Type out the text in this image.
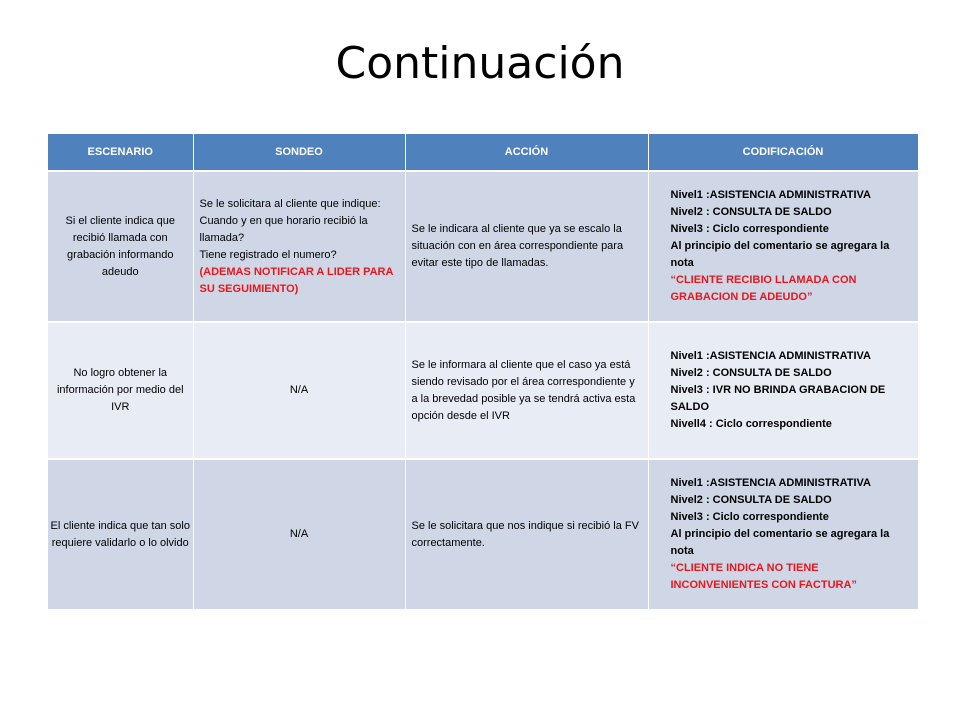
Continuación
ESCENARIO	SONDEO	ACCIÓN	CODIFICACIÓN
Si el cliente indica que recibió llamada con grabación informando adeudo	Se le solicitara al cliente que indique:
Cuando y en que horario recibió la llamada?
Tiene registrado el numero?
(ADEMAS NOTIFICAR A LIDER PARA SU SEGUIMIENTO)	Se le indicara al cliente que ya se escalo la situación con en área correspondiente para evitar este tipo de llamadas.	Nivel1 :ASISTENCIA ADMINISTRATIVA
Nivel2 : CONSULTA DE SALDO
Nivel3 : Ciclo correspondiente
Al principio del comentario se agregara la nota
“CLIENTE RECIBIO LLAMADA CON GRABACION DE ADEUDO”

No logro obtener la información por medio del IVR	N/A	Se le informara al cliente que el caso ya está siendo revisado por el área correspondiente y a la brevedad posible ya se tendrá activa esta opción desde el IVR	Nivel1 :ASISTENCIA ADMINISTRATIVA
Nivel2 : CONSULTA DE SALDO
Nivel3 : IVR NO BRINDA GRABACION DE SALDO
Nivell4 : Ciclo correspondiente

El cliente indica que tan solo requiere validarlo o lo olvido	N/A	Se le solicitara que nos indique si recibió la FV correctamente.	Nivel1 :ASISTENCIA ADMINISTRATIVA
Nivel2 : CONSULTA DE SALDO
Nivel3 : Ciclo correspondiente
Al principio del comentario se agregara la nota
“CLIENTE INDICA NO TIENE INCONVENIENTES CON FACTURA”
